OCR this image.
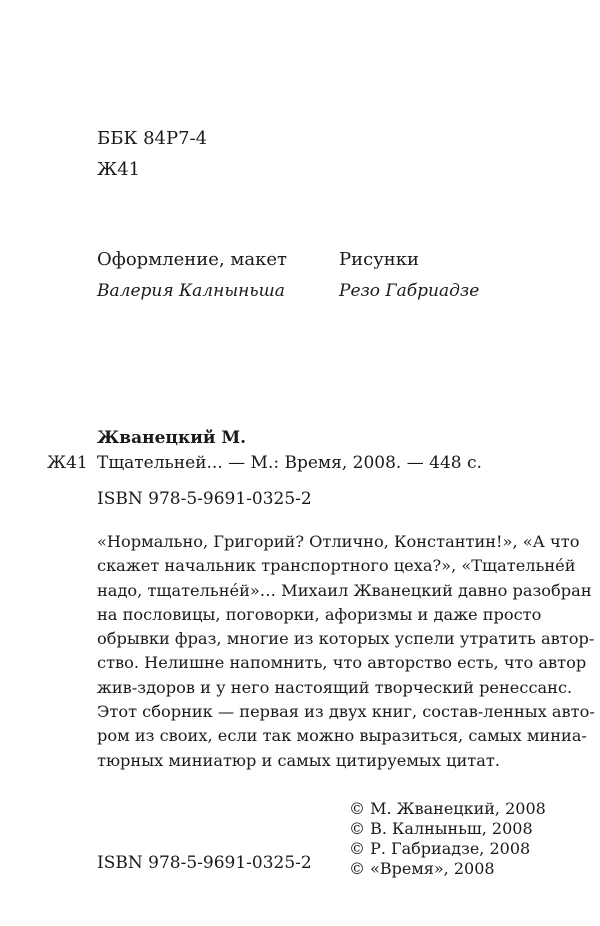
ББК 84Р7-4
Ж41
Оформление, макет
Валерия Калныньша
Рисунки
Резо Габриадзе
Жванецкий М.
Ж41 Тщательней... — М.: Время, 2008. — 448 с.
ISBN 978-5-9691-0325-2
«Нормально, Григорий? Отлично, Константин!», «А что
скажет начальник транспортного цеха?», «Тщательнéй
надо, тщательнéй»… Михаил Жванецкий давно разобран
на пословицы, поговорки, афоризмы и даже просто
обрывки фраз, многие из которых успели утратить автор-
ство. Нелишне напомнить, что авторство есть, что автор
жив-здоров и у него настоящий творческий ренессанс.
Этот сборник — первая из двух книг, состав-ленных авто-
ром из своих, если так можно выразиться, самых миниа-
тюрных миниатюр и самых цитируемых цитат.
ISBN 978-5-9691-0325-2
© М. Жванецкий, 2008
© В. Калныньш, 2008
© Р. Габриадзе, 2008
© «Время», 2008
